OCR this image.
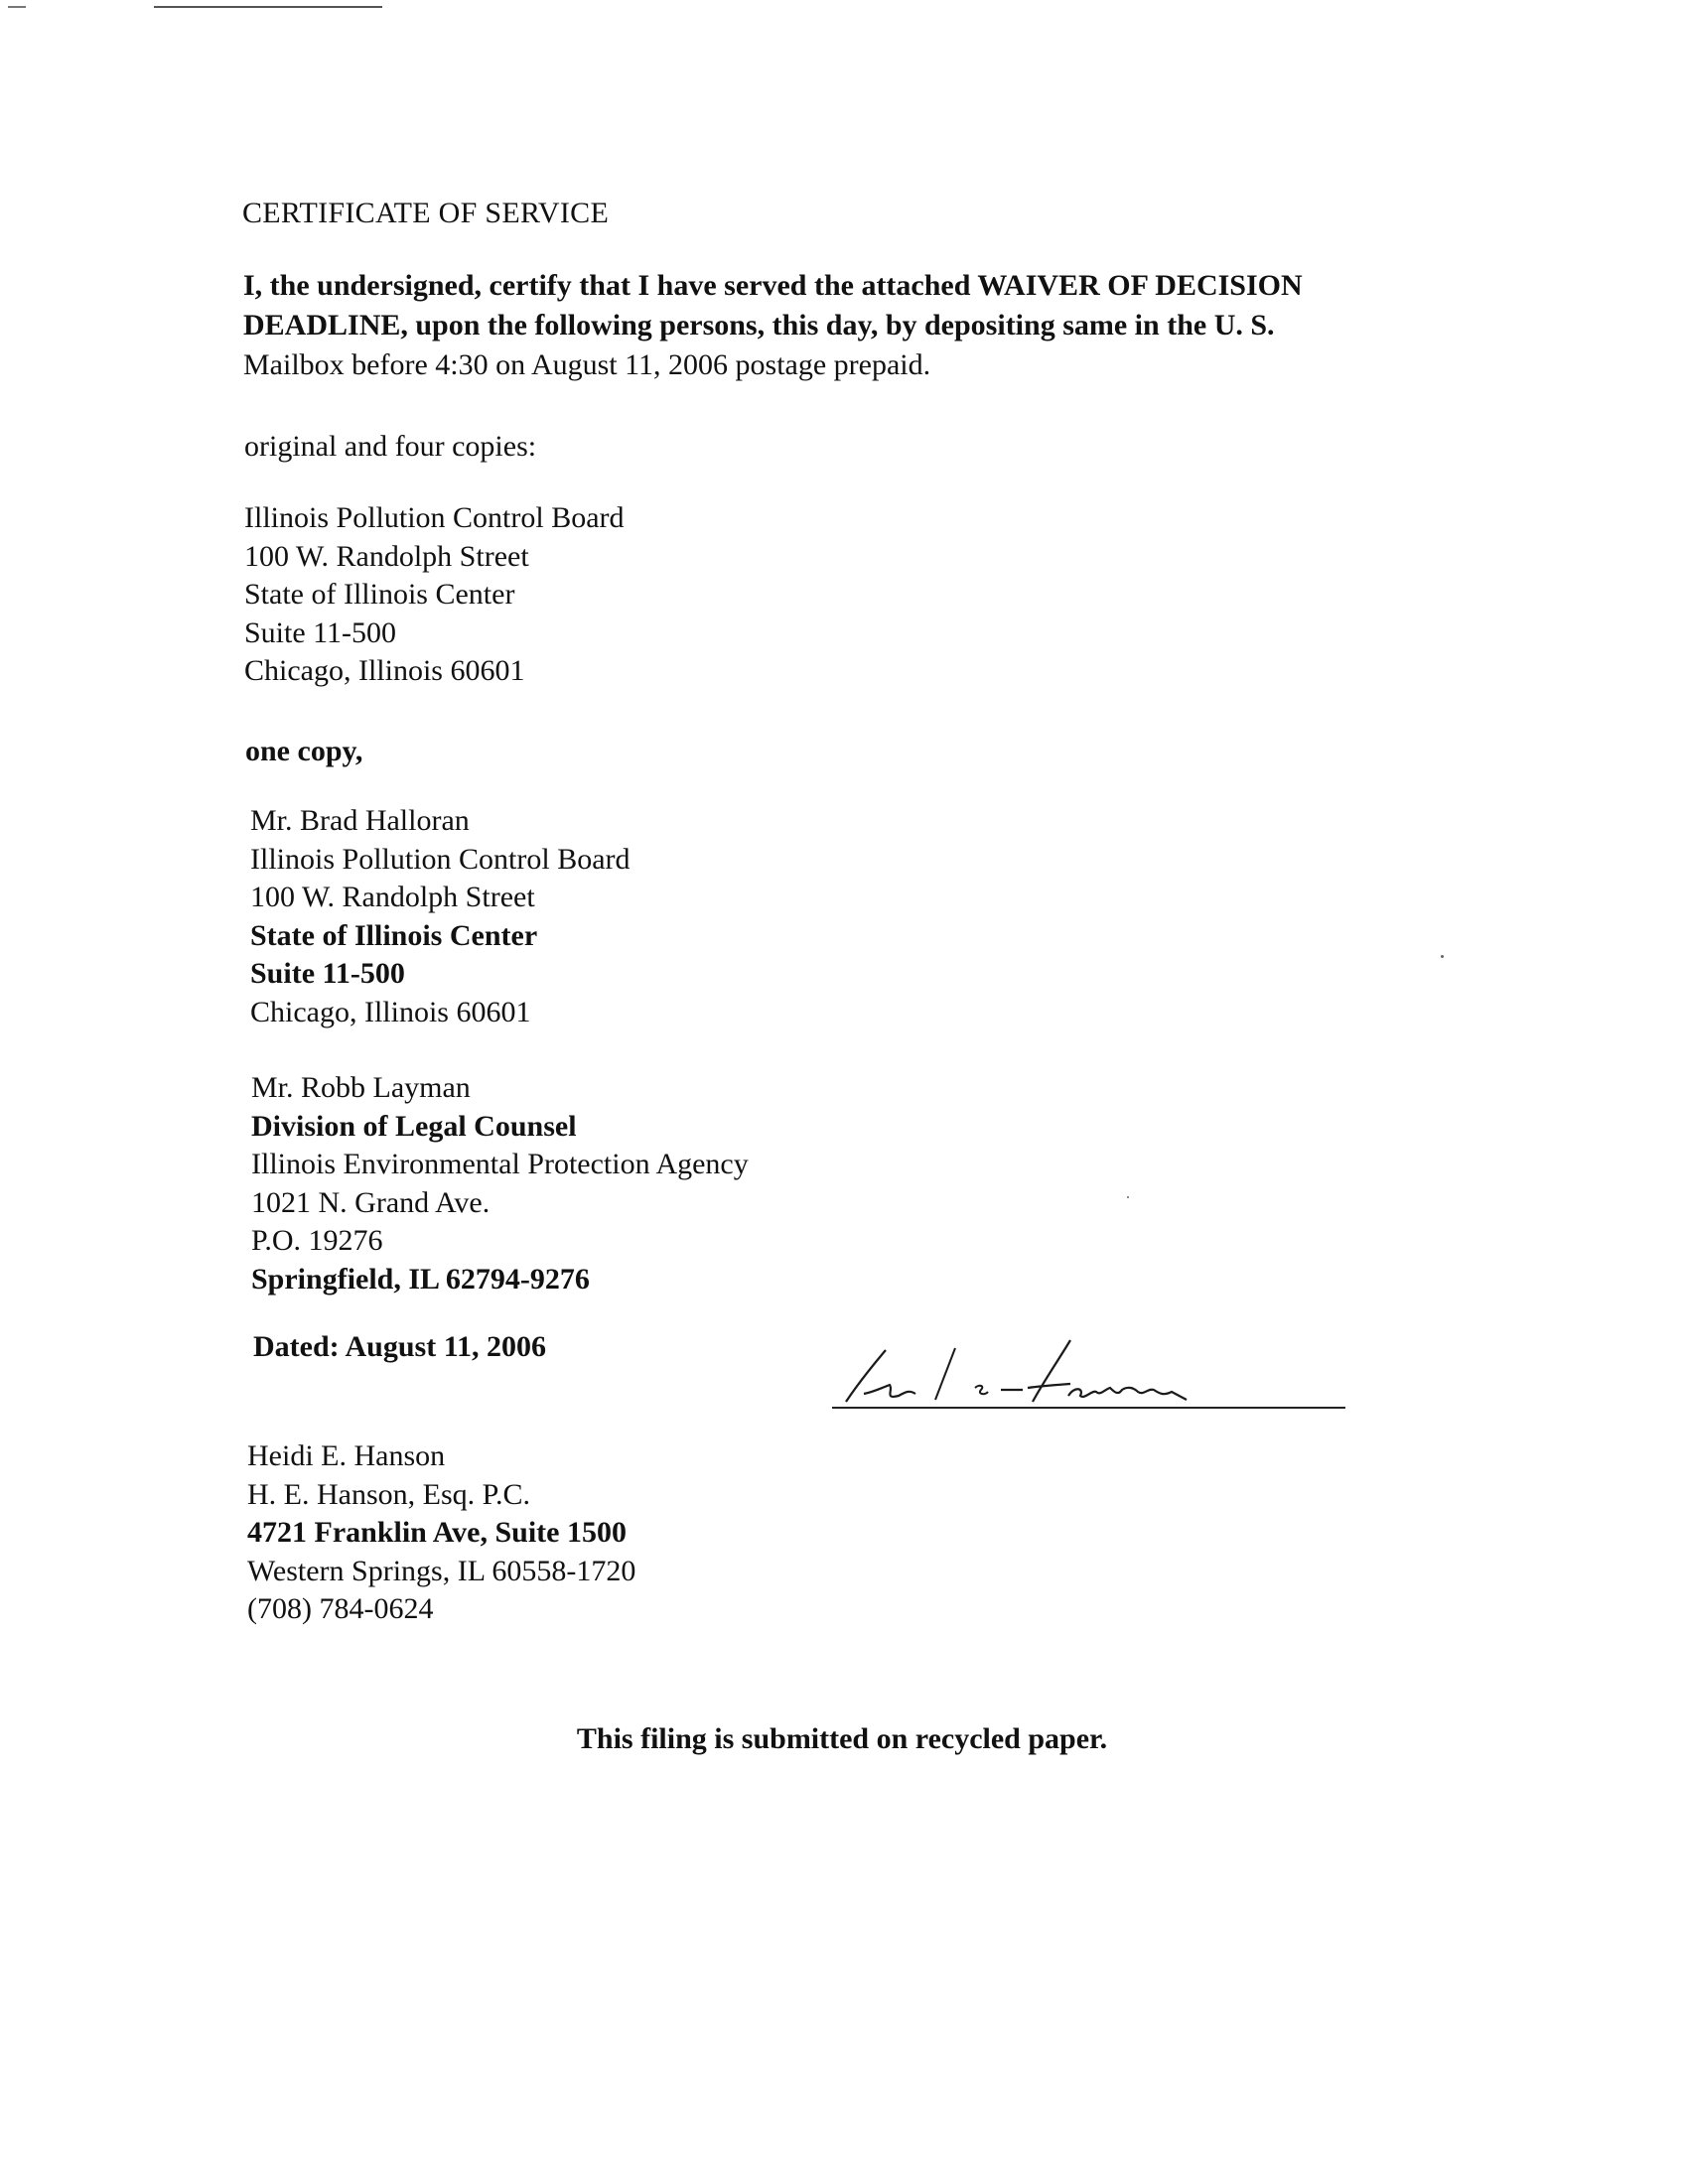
CERTIFICATE OF SERVICE
I, the undersigned, certify that I have served the attached WAIVER OF DECISION
DEADLINE, upon the following persons, this day, by depositing same in the U. S.
Mailbox before 4:30 on August 11, 2006 postage prepaid.
original and four copies:
Illinois Pollution Control Board
100 W. Randolph Street
State of Illinois Center
Suite 11-500
Chicago, Illinois 60601
one copy,
Mr. Brad Halloran
Illinois Pollution Control Board
100 W. Randolph Street
State of Illinois Center
Suite 11-500
Chicago, Illinois 60601
Mr. Robb Layman
Division of Legal Counsel
Illinois Environmental Protection Agency
1021 N. Grand Ave.
P.O. 19276
Springfield, IL 62794-9276
Dated: August 11, 2006
Heidi E. Hanson
H. E. Hanson, Esq. P.C.
4721 Franklin Ave, Suite 1500
Western Springs, IL 60558-1720
(708) 784-0624
This filing is submitted on recycled paper.
